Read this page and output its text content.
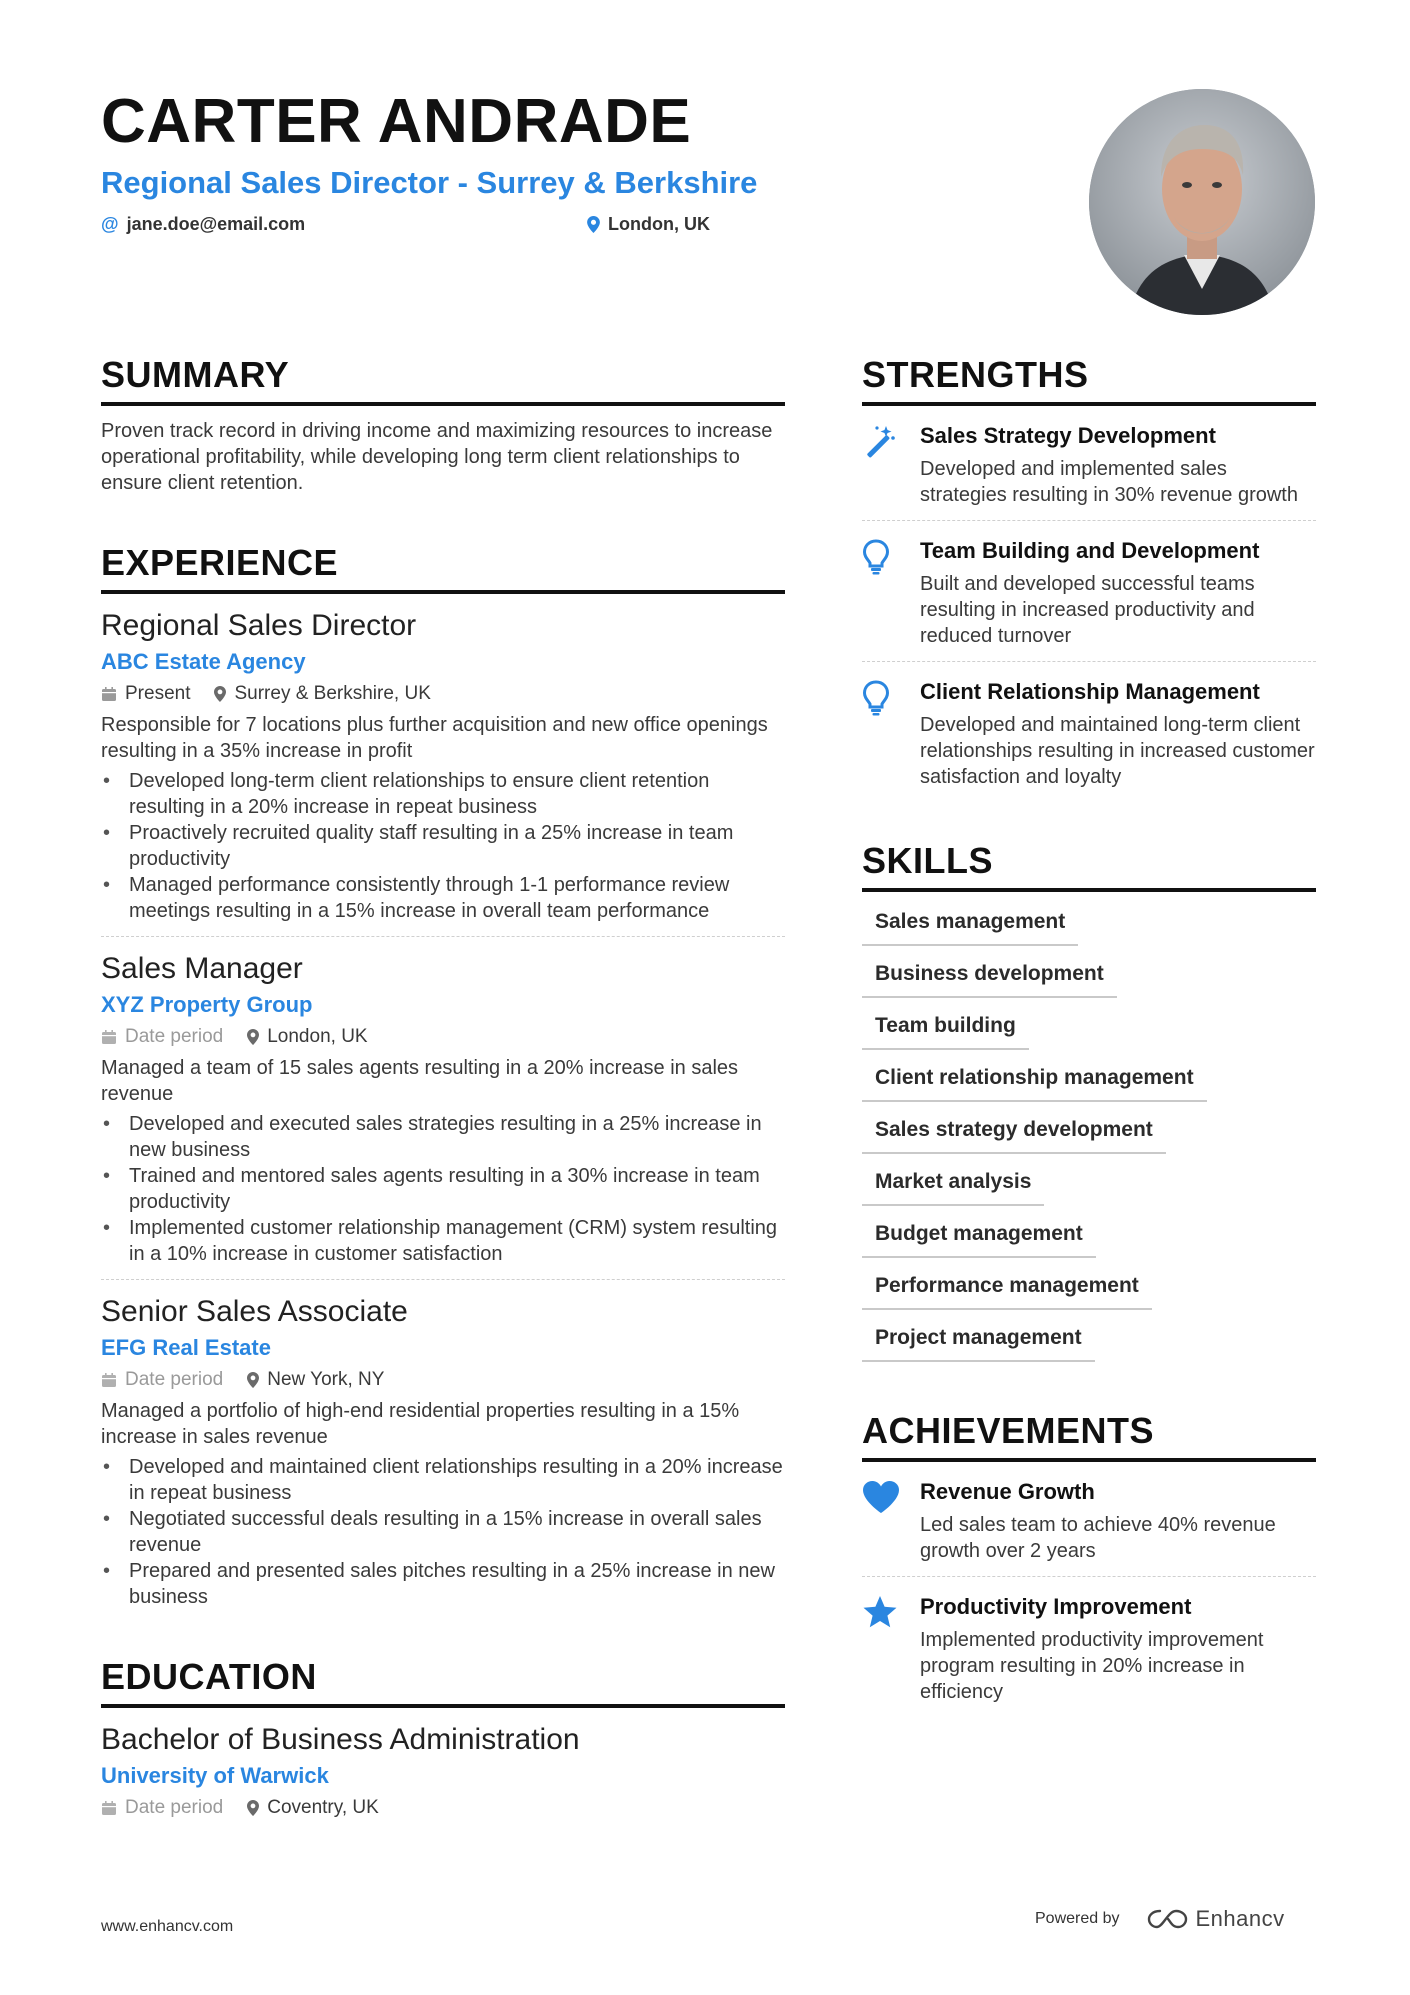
CARTER ANDRADE
Regional Sales Director - Surrey & Berkshire
@ jane.doe@email.com	London, UK
SUMMARY

Proven track record in driving income and maximizing resources to increase operational profitability, while developing long term client relationships to ensure client retention.

EXPERIENCE
Regional Sales Director
ABC Estate Agency
Present Surrey & Berkshire, UK
Responsible for 7 locations plus further acquisition and new office openings resulting in a 35% increase in profit
• Developed long-term client relationships to ensure client retention resulting in a 20% increase in repeat business
• Proactively recruited quality staff resulting in a 25% increase in team productivity
• Managed performance consistently through 1-1 performance review meetings resulting in a 15% increase in overall team performance
Sales Manager
XYZ Property Group
Date period London, UK
Managed a team of 15 sales agents resulting in a 20% increase in sales revenue
• Developed and executed sales strategies resulting in a 25% increase in new business
• Trained and mentored sales agents resulting in a 30% increase in team productivity
• Implemented customer relationship management (CRM) system resulting in a 10% increase in customer satisfaction
Senior Sales Associate
EFG Real Estate
Date period New York, NY
Managed a portfolio of high-end residential properties resulting in a 15% increase in sales revenue
• Developed and maintained client relationships resulting in a 20% increase in repeat business
• Negotiated successful deals resulting in a 15% increase in overall sales revenue
• Prepared and presented sales pitches resulting in a 25% increase in new business
EDUCATION
Bachelor of Business Administration
University of Warwick
Date period Coventry, UK
STRENGTHS
Sales Strategy Development
Developed and implemented sales strategies resulting in 30% revenue growth
Team Building and Development
Built and developed successful teams resulting in increased productivity and reduced turnover
Client Relationship Management
Developed and maintained long-term client relationships resulting in increased customer satisfaction and loyalty
SKILLS
Sales management
Business development
Team building
Client relationship management
Sales strategy development
Market analysis
Budget management
Performance management
Project management
ACHIEVEMENTS
Revenue Growth
Led sales team to achieve 40% revenue growth over 2 years
Productivity Improvement
Implemented productivity improvement program resulting in 20% increase in efficiency
www.enhancv.com	Powered by	Enhancv
